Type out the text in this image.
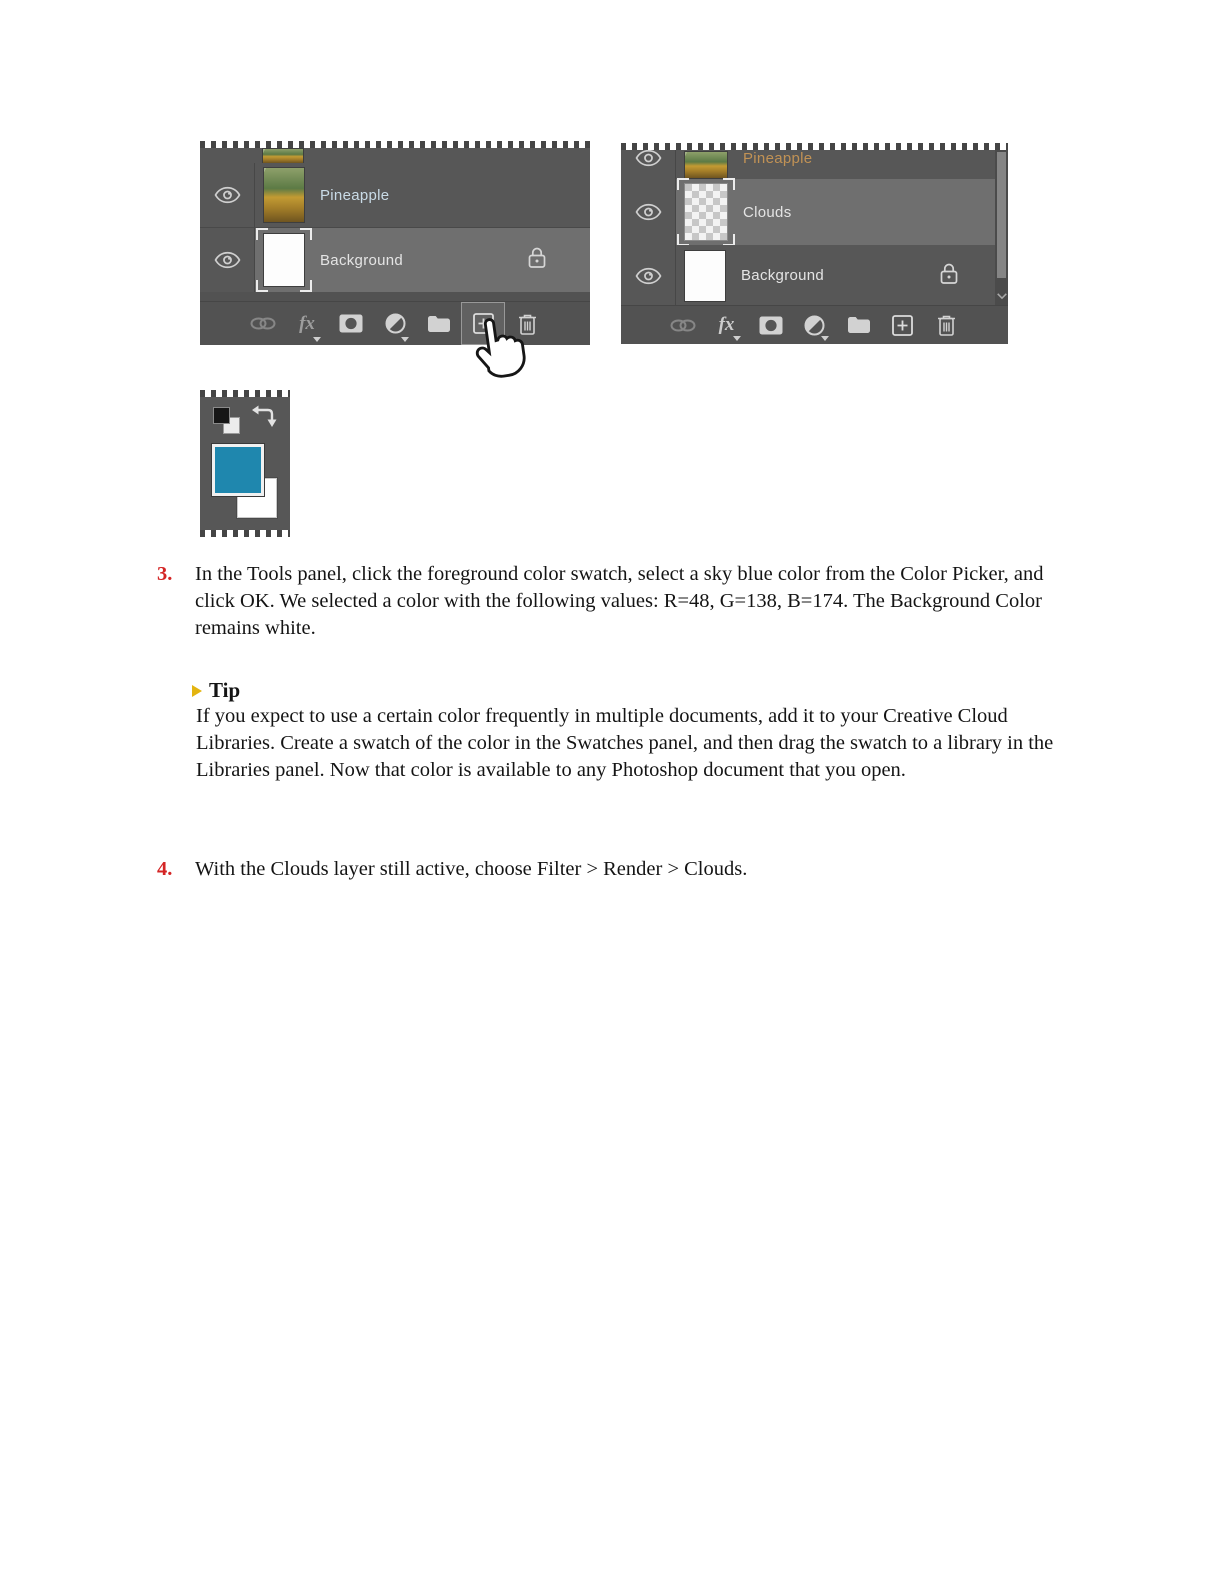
Pineapple
Background
fx
Pineapple
Clouds
Background
fx
3.	In the Tools panel, click the foreground color swatch, select a sky blue color from the Color Picker, and click OK. We selected a color with the following values: R=48, G=138, B=174. The Background Color remains white.

Tip

If you expect to use a certain color frequently in multiple documents, add it to your Creative Cloud Libraries. Create a swatch of the color in the Swatches panel, and then drag the swatch to a library in the Libraries panel. Now that color is available to any Photoshop document that you open.

4.	With the Clouds layer still active, choose Filter > Render > Clouds.
